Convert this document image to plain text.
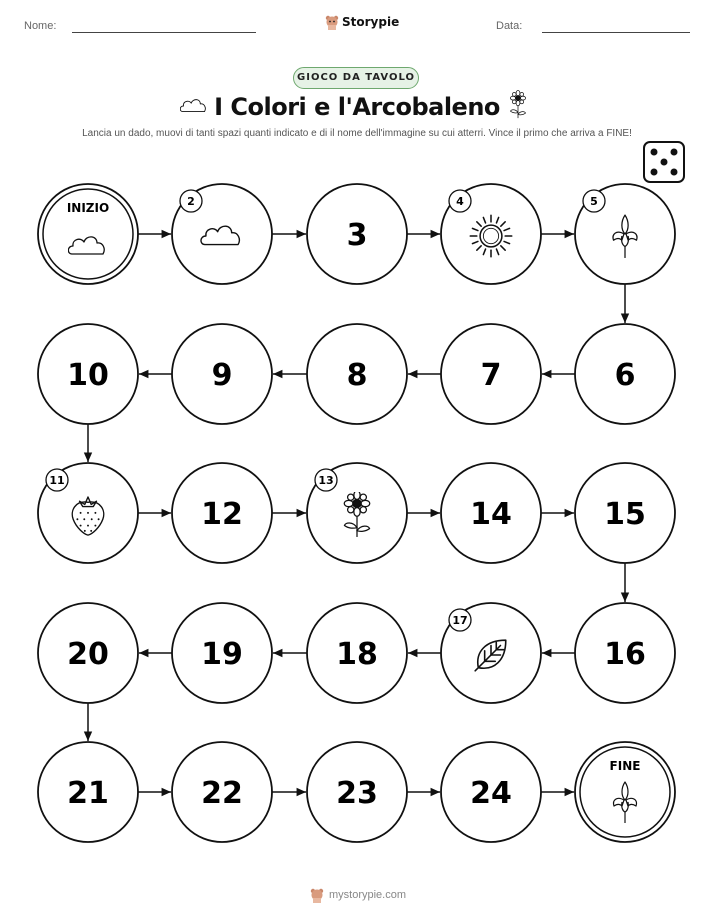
Nome:	Storypie	Data:
GIOCO DA TAVOLO
I Colori e l'Arcobaleno
Lancia un dado, muovi di tanti spazi quanti indicato e di il nome dell'immagine su cui atterri. Vince il primo che arriva a FINE!
INIZIO	2
3
4	5
6
7
8
9
10
11
12
13
14	15
16
17
18
19
20
21	22	23	24
FINE
mystorypie.com
